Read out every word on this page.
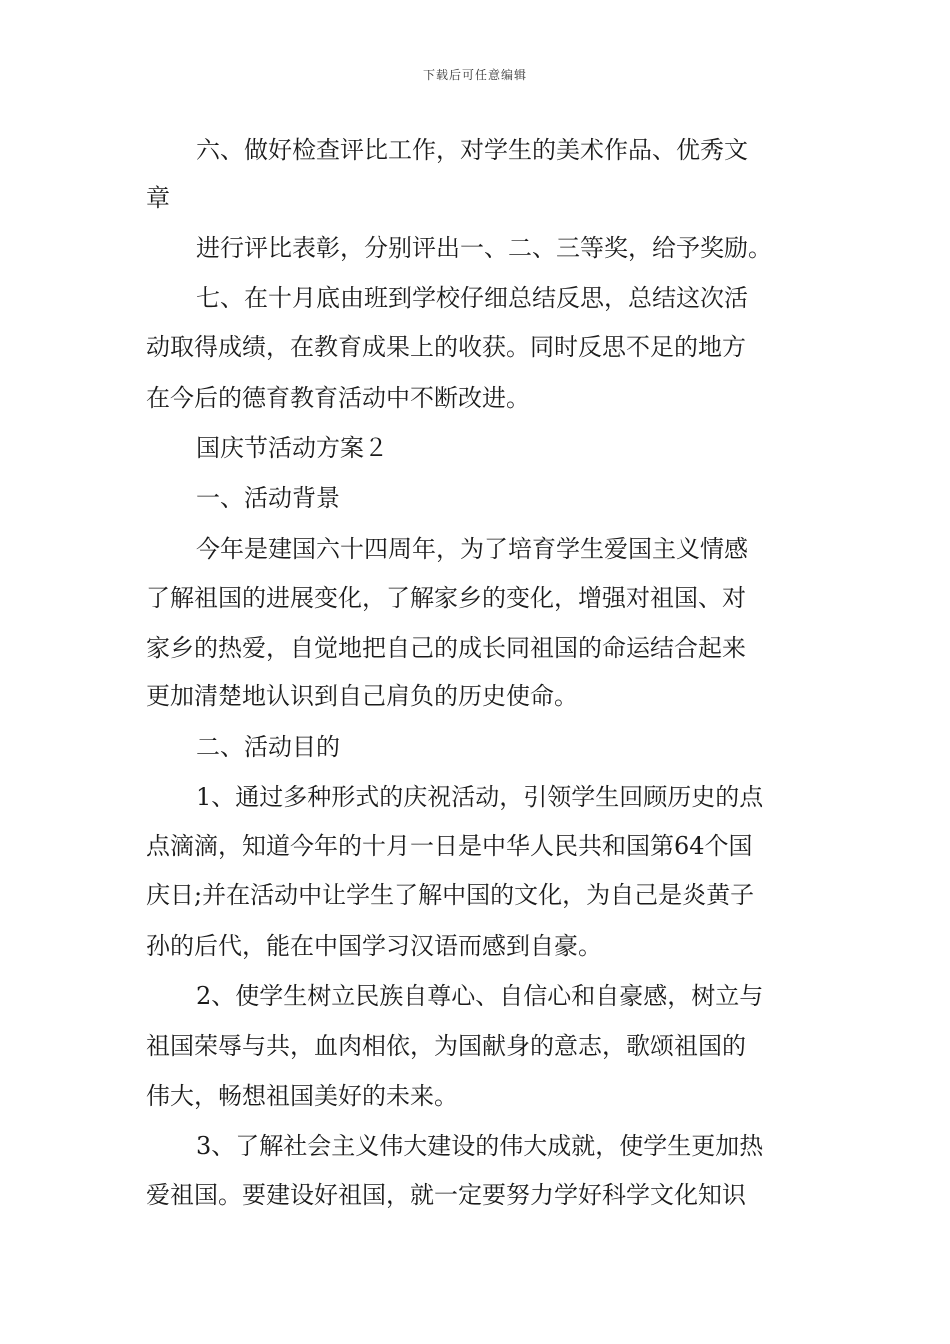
下载后可任意编辑
六、做好检查评比工作，对学生的美术作品、优秀文
章
进行评比表彰，分别评出一、二、三等奖，给予奖励。
七、在十月底由班到学校仔细总结反思，总结这次活
动取得成绩，在教育成果上的收获。同时反思不足的地方
在今后的德育教育活动中不断改进。
国庆节活动方案２
一、活动背景
今年是建国六十四周年，为了培育学生爱国主义情感
了解祖国的进展变化，了解家乡的变化，增强对祖国、对
家乡的热爱，自觉地把自己的成长同祖国的命运结合起来
更加清楚地认识到自己肩负的历史使命。
二、活动目的
1、通过多种形式的庆祝活动，引领学生回顾历史的点
点滴滴，知道今年的十月一日是中华人民共和国第64个国
庆日;并在活动中让学生了解中国的文化，为自己是炎黄子
孙的后代，能在中国学习汉语而感到自豪。
2、使学生树立民族自尊心、自信心和自豪感，树立与
祖国荣辱与共，血肉相依，为国献身的意志，歌颂祖国的
伟大，畅想祖国美好的未来。
3、了解社会主义伟大建设的伟大成就，使学生更加热
爱祖国。要建设好祖国，就一定要努力学好科学文化知识
